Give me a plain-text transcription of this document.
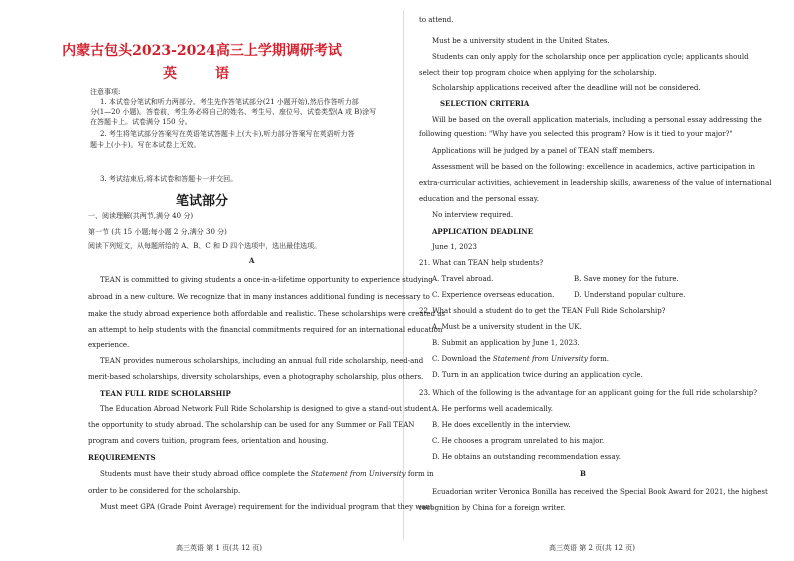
内蒙古包头2023-2024高三上学期调研考试
英　语
注意事项:
1. 本试卷分笔试和听力两部分。考生先作答笔试部分(21 小题开始),然后作答听力部
分(1—20 小题)。答卷前，考生务必将自己的姓名、考生号、座位号、试卷类型(A 或 B)涂写
在答题卡上。试卷满分 150 分。
2. 考生将笔试部分答案写在英语笔试答题卡上(大卡),听力部分答案写在英语听力答
题卡上(小卡)。写在本试卷上无效。
3. 考试结束后,将本试卷和答题卡一并交回。
笔试部分
一、阅读理解(共两节,满分 40 分)
第一节 (共 15 小题;每小题 2 分,满分 30 分)
阅读下列短文，从每题所给的 A、B、C 和 D 四个选项中，选出最佳选项。
A
TEAN is committed to giving students a once-in-a-lifetime opportunity to experience studying
abroad in a new culture. We recognize that in many instances additional funding is necessary to
make the study abroad experience both affordable and realistic. These scholarships were created as
an attempt to help students with the financial commitments required for an international education
experience.
TEAN provides numerous scholarships, including an annual full ride scholarship, need-and
merit-based scholarships, diversity scholarships, even a photography scholarship, plus others.
TEAN FULL RIDE SCHOLARSHIP
The Education Abroad Network Full Ride Scholarship is designed to give a stand-out student
the opportunity to study abroad. The scholarship can be used for any Summer or Fall TEAN
program and covers tuition, program fees, orientation and housing.
REQUIREMENTS
Students must have their study abroad office complete the Statement from University form in
order to be considered for the scholarship.
Must meet GPA (Grade Point Average) requirement for the individual program that they want
高三英语 第 1 页(共 12 页)
to attend.
Must be a university student in the United States.
Students can only apply for the scholarship once per application cycle; applicants should
select their top program choice when applying for the scholarship.
Scholarship applications received after the deadline will not be considered.
SELECTION CRITERIA
Will be based on the overall application materials, including a personal essay addressing the
following question: "Why have you selected this program? How is it tied to your major?"
Applications will be judged by a panel of TEAN staff members.
Assessment will be based on the following: excellence in academics, active participation in
extra-curricular activities, achievement in leadership skills, awareness of the value of international
education and the personal essay.
No interview required.
APPLICATION DEADLINE
June 1, 2023
21. What can TEAN help students?
A. Travel abroad.	B. Save money for the future.
C. Experience overseas education.	D. Understand popular culture.
22. What should a student do to get the TEAN Full Ride Scholarship?
A. Must be a university student in the UK.
B. Submit an application by June 1, 2023.
C. Download the Statement from University form.
D. Turn in an application twice during an application cycle.
23. Which of the following is the advantage for an applicant going for the full ride scholarship?
A. He performs well academically.
B. He does excellently in the interview.
C. He chooses a program unrelated to his major.
D. He obtains an outstanding recommendation essay.
B
Ecuadorian writer Veronica Bonilla has received the Special Book Award for 2021, the highest
recognition by China for a foreign writer.
高三英语 第 2 页(共 12 页)
